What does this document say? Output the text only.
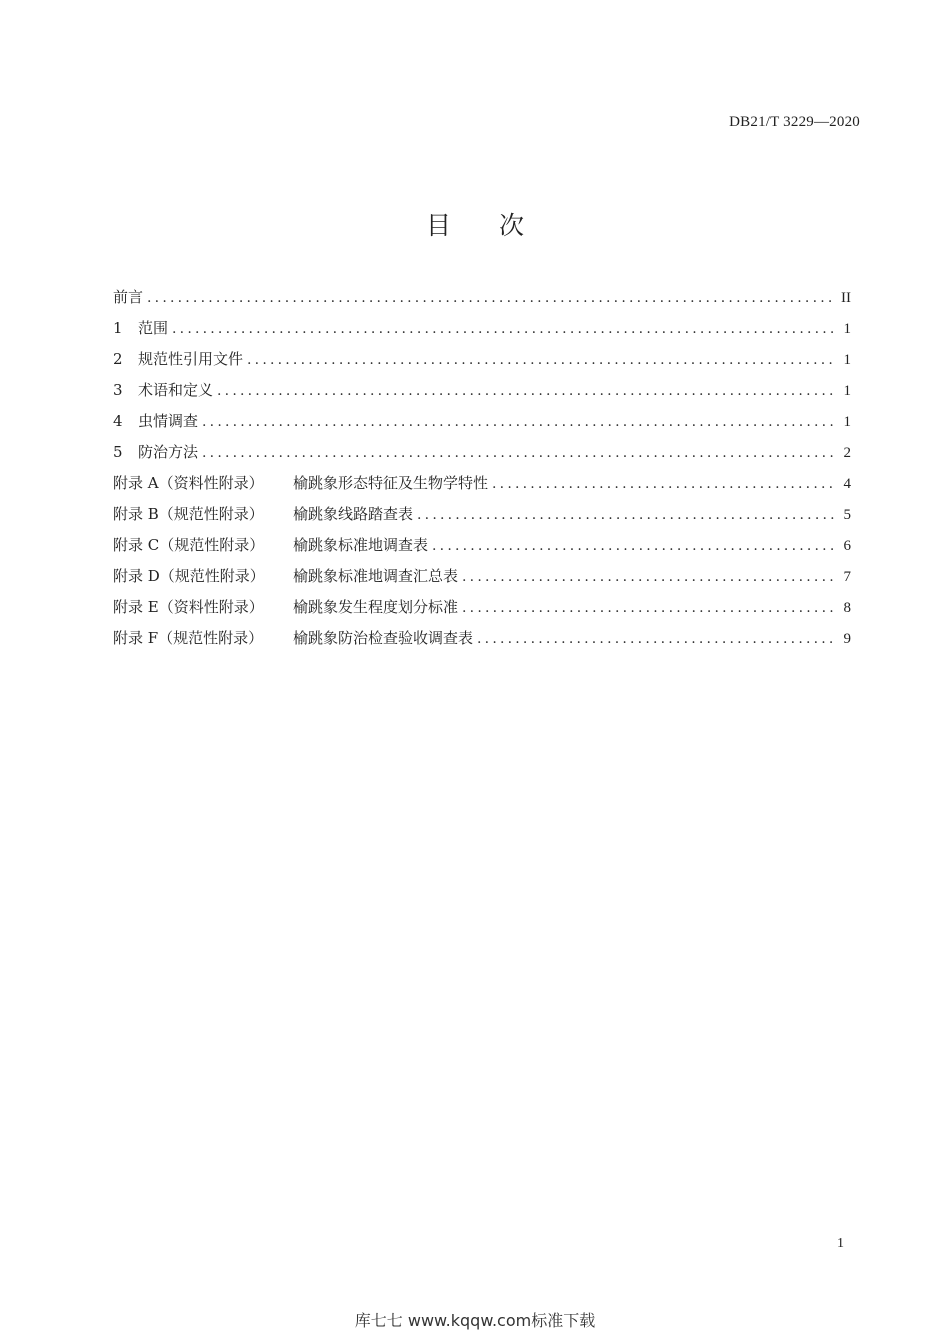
DB21/T 3229—2020
目次
前言 .....	II
1	范围 .....	1
2	规范性引用文件 .....	1
3	术语和定义 .....	1
4	虫情调查 .....	1
5	防治方法 .....	2
附录 A（资料性附录）	榆跳象形态特征及生物学特性 .....	4
附录 B（规范性附录）	榆跳象线路踏查表 .....	5
附录 C（规范性附录）	榆跳象标准地调查表 .....	6
附录 D（规范性附录）	榆跳象标准地调查汇总表 .....	7
附录 E（资料性附录）	榆跳象发生程度划分标准 .....	8
附录 F（规范性附录）	榆跳象防治检查验收调查表 .....	9
1
库七七 www.kqqw.com标准下载
